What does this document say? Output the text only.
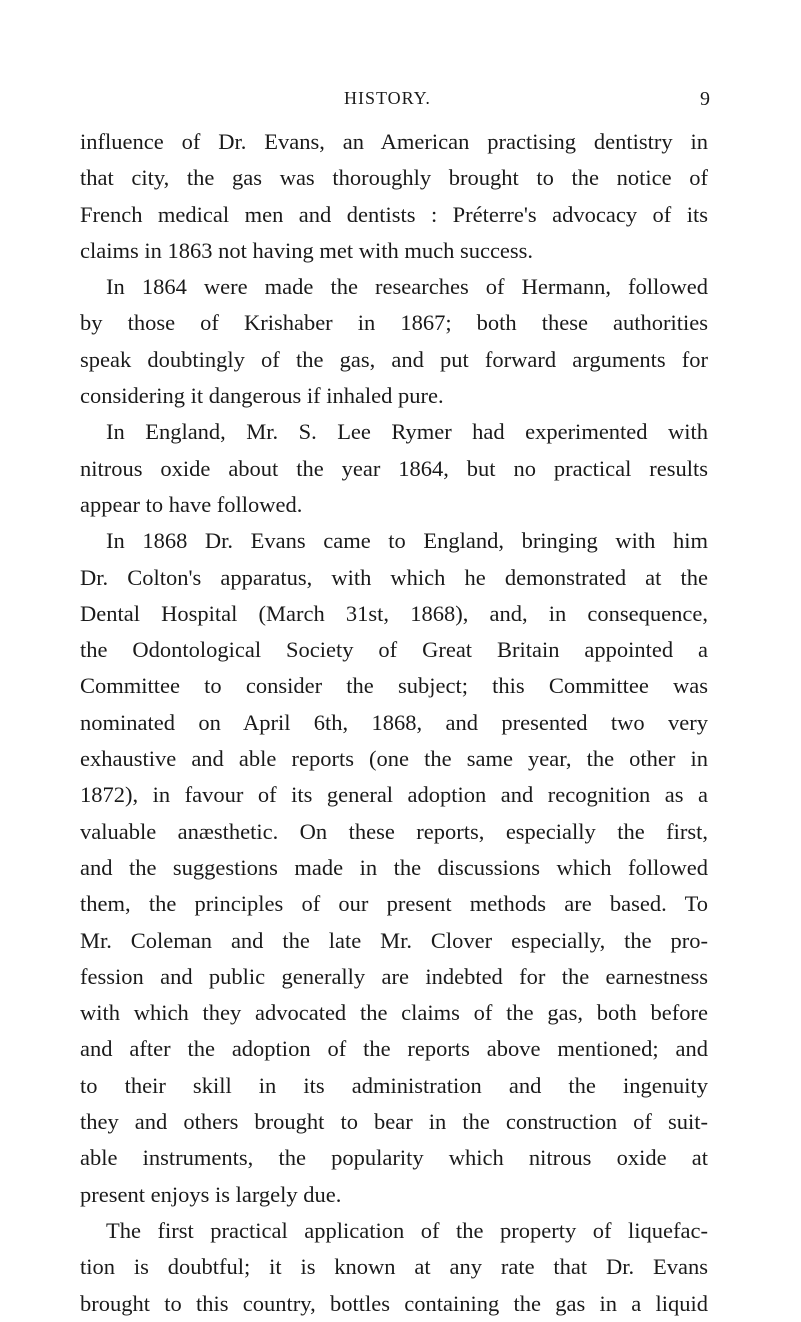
HISTORY.	9
influence of Dr. Evans, an American practising dentistry in
that city, the gas was thoroughly brought to the notice of
French medical men and dentists : Préterre's advocacy of its
claims in 1863 not having met with much success.
In 1864 were made the researches of Hermann, followed
by those of Krishaber in 1867; both these authorities
speak doubtingly of the gas, and put forward arguments for
considering it dangerous if inhaled pure.
In England, Mr. S. Lee Rymer had experimented with
nitrous oxide about the year 1864, but no practical results
appear to have followed.
In 1868 Dr. Evans came to England, bringing with him
Dr. Colton's apparatus, with which he demonstrated at the
Dental Hospital (March 31st, 1868), and, in consequence,
the Odontological Society of Great Britain appointed a
Committee to consider the subject; this Committee was
nominated on April 6th, 1868, and presented two very
exhaustive and able reports (one the same year, the other in
1872), in favour of its general adoption and recognition as a
valuable anæsthetic. On these reports, especially the first,
and the suggestions made in the discussions which followed
them, the principles of our present methods are based. To
Mr. Coleman and the late Mr. Clover especially, the pro-
fession and public generally are indebted for the earnestness
with which they advocated the claims of the gas, both before
and after the adoption of the reports above mentioned; and
to their skill in its administration and the ingenuity
they and others brought to bear in the construction of suit-
able instruments, the popularity which nitrous oxide at
present enjoys is largely due.
The first practical application of the property of liquefac-
tion is doubtful; it is known at any rate that Dr. Evans
brought to this country, bottles containing the gas in a liquid
